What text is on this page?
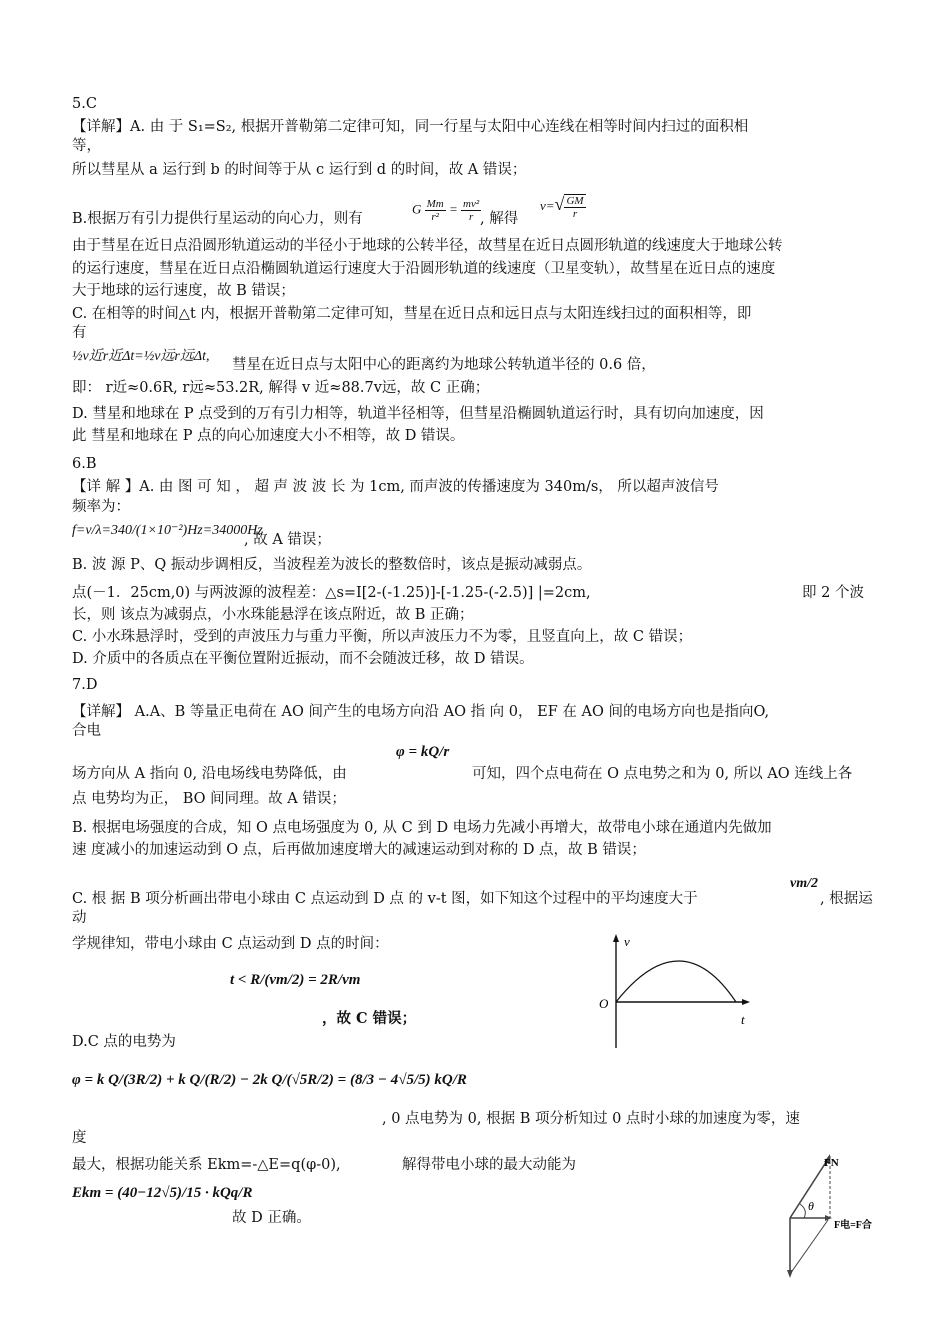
5.C
【详解】A. 由 于 S₁=S₂, 根据开普勒第二定律可知，同一行星与太阳中心连线在相等时间内扫过的面积相
等，
所以彗星从 a 运行到 b 的时间等于从 c 运行到 d 的时间，故 A 错误；
B.根据万有引力提供行星运动的向心力，则有
G $\frac{Mm}{\text{r²}} = \frac{\text{mv²}}{r}$
, 解得
$v=√ \frac{GM}{r}$
由于彗星在近日点沿圆形轨道运动的半径小于地球的公转半径，故彗星在近日点圆形轨道的线速度大于地球公转
的运行速度，彗星在近日点沿椭圆轨道运行速度大于沿圆形轨道的线速度（卫星变轨），故彗星在近日点的速度
大于地球的运行速度，故 B 错误；
C. 在相等的时间△t 内，根据开普勒第二定律可知，彗星在近日点和远日点与太阳连线扫过的面积相等，即
有
½v近r近Δt=½v远r远Δt,
彗星在近日点与太阳中心的距离约为地球公转轨道半径的 0.6 倍，
即： r近≈0.6R, r远≈53.2R, 解得 v 近≈88.7v远，故 C 正确；
D. 彗星和地球在 P 点受到的万有引力相等，轨道半径相等，但彗星沿椭圆轨道运行时，具有切向加速度，因
此 彗星和地球在 P 点的向心加速度大小不相等，故 D 错误。
6.B
【详 解 】A. 由 图 可 知 ， 超 声 波 波 长 为 1cm, 而声波的传播速度为 340m/s， 所以超声波信号
频率为：
f=v/λ=340/(1×10⁻²)Hz=34000Hz
, 故 A 错误；
B. 波 源 P、Q 振动步调相反，当波程差为波长的整数倍时，该点是振动减弱点。
点(－1．25cm,0) 与两波源的波程差：△s=I[2-(-1.25)]-[-1.25-(-2.5)] |=2cm,	即 2 个波
长，则 该点为减弱点，小水珠能悬浮在该点附近，故 B 正确；
C. 小水珠悬浮时，受到的声波压力与重力平衡，所以声波压力不为零，且竖直向上，故 C 错误；
D. 介质中的各质点在平衡位置附近振动，而不会随波迁移，故 D 错误。
7.D
【详解】 A.A、B 等量正电荷在 AO 间产生的电场方向沿 AO 指 向 0， EF 在 AO 间的电场方向也是指向O,
合电
场方向从 A 指向 0, 沿电场线电势降低，由
φ = kQ/r
可知，四个点电荷在 O 点电势之和为 0, 所以 AO 连线上各
点 电势均为正， BO 间同理。故 A 错误；
B. 根据电场强度的合成，知 O 点电场强度为 0, 从 C 到 D 电场力先减小再增大，故带电小球在通道内先做加
速 度减小的加速运动到 O 点，后再做加速度增大的减速运动到对称的 D 点，故 B 错误；
C. 根 据 B 项分析画出带电小球由 C 点运动到 D 点 的 v-t 图，如下知这个过程中的平均速度大于
vm/2
, 根据运
动
学规律知，带电小球由 C 点运动到 D 点的时间：
t < R/(vm/2) = 2R/vm
，故 C 错误；
D.C 点的电势为
φ = k Q/(3R/2) + k Q/(R/2) − 2k Q/(√5R/2) = (8/3 − 4√5/5) kQ/R
, 0 点电势为 0, 根据 B 项分析知过 0 点时小球的加速度为零，速
度
最大，根据功能关系 Ekm=-△E=q(φ-0),	解得带电小球的最大动能为
Ekm = (40−12√5)/15 · kQq/R
故 D 正确。
v
O
t
FN
θ
F电=F合
